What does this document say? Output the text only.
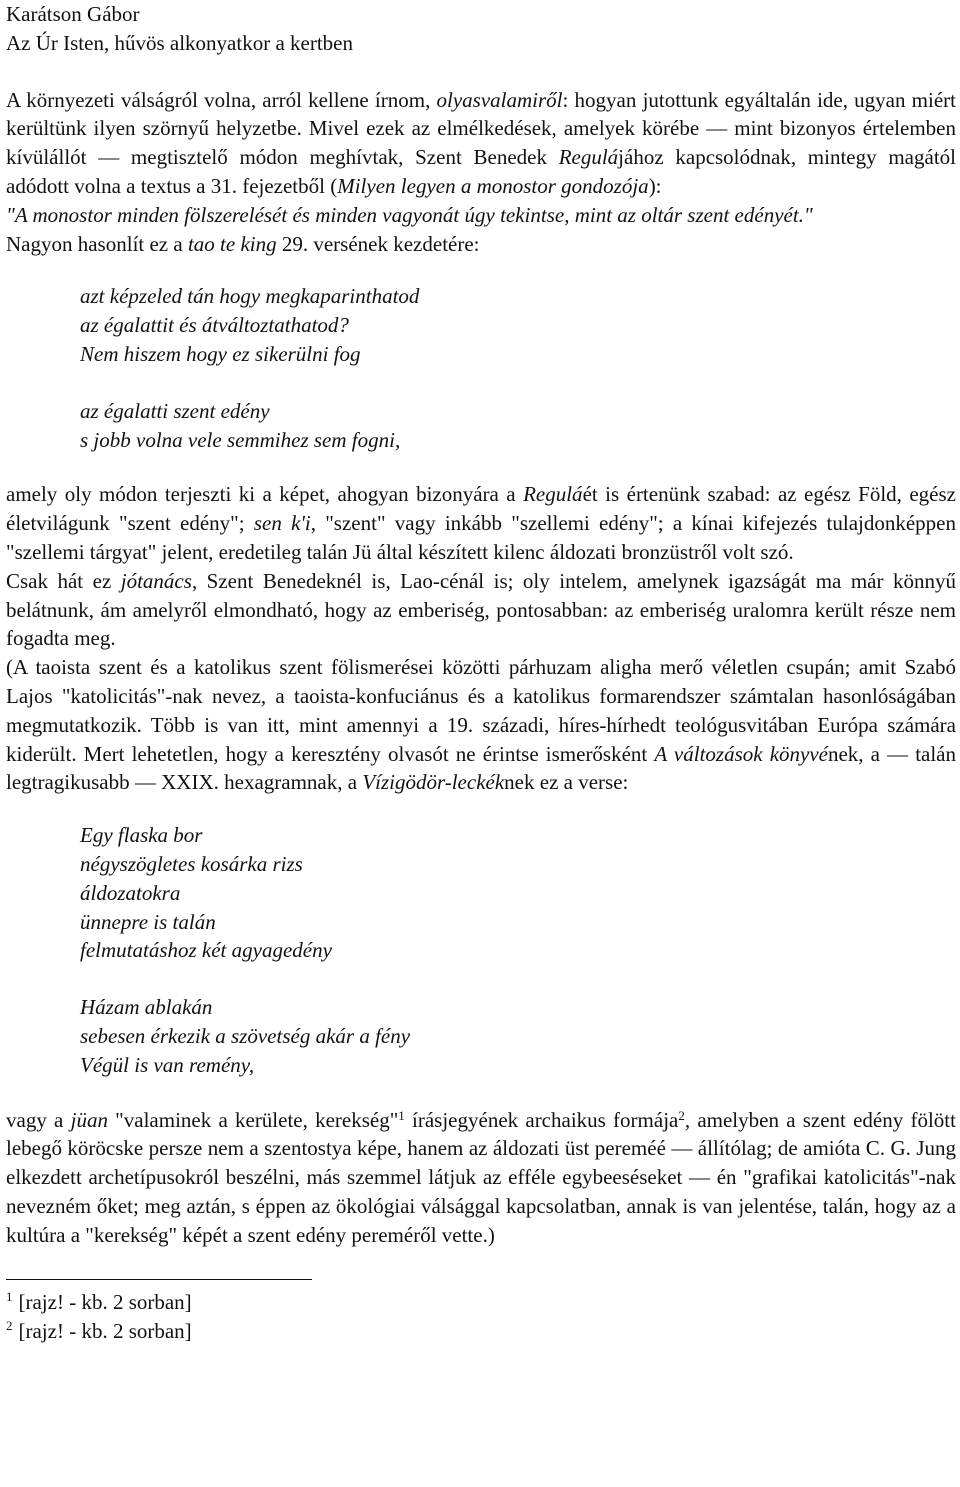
Karátson Gábor
Az Úr Isten, hűvös alkonyatkor a kertben

A környezeti válságról volna, arról kellene írnom, olyasvalamiről: hogyan jutottunk egyáltalán ide, ugyan miért kerültünk ilyen szörnyű helyzetbe. Mivel ezek az elmélkedések, amelyek körébe — mint bizonyos értelemben kívülállót — megtisztelő módon meghívtak, Szent Benedek Regulájához kapcsolódnak, mintegy magától adódott volna a textus a 31. fejezetből (Milyen legyen a monostor gondozója):

"A monostor minden fölszerelését és minden vagyonát úgy tekintse, mint az oltár szent edényét."

Nagyon hasonlít ez a tao te king 29. versének kezdetére:

azt képzeled tán hogy megkaparinthatod
az égalattit és átváltoztathatod?
Nem hiszem hogy ez sikerülni fog
az égalatti szent edény
s jobb volna vele semmihez sem fogni,

amely oly módon terjeszti ki a képet, ahogyan bizonyára a Reguláét is értenünk szabad: az egész Föld, egész életvilágunk "szent edény"; sen k'i, "szent" vagy inkább "szellemi edény"; a kínai kifejezés tulajdonképpen "szellemi tárgyat" jelent, eredetileg talán Jü által készített kilenc áldozati bronzüstről volt szó.

Csak hát ez jótanács, Szent Benedeknél is, Lao-cénál is; oly intelem, amelynek igazságát ma már könnyű belátnunk, ám amelyről elmondható, hogy az emberiség, pontosabban: az emberiség uralomra került része nem fogadta meg.

(A taoista szent és a katolikus szent fölismerései közötti párhuzam aligha merő véletlen csupán; amit Szabó Lajos "katolicitás"-nak nevez, a taoista-konfuciánus és a katolikus formarendszer számtalan hasonlóságában megmutatkozik. Több is van itt, mint amennyi a 19. századi, híres-hírhedt teológusvitában Európa számára kiderült. Mert lehetetlen, hogy a keresztény olvasót ne érintse ismerősként A változások könyvének, a — talán legtragikusabb — XXIX. hexagramnak, a Vízigödör-leckéknek ez a verse:

Egy flaska bor
négyszögletes kosárka rizs
áldozatokra
ünnepre is talán
felmutatáshoz két agyagedény
Házam ablakán
sebesen érkezik a szövetség akár a fény
Végül is van remény,

vagy a jüan "valaminek a kerülete, kerekség"$^1$ írásjegyének archaikus formája$^2$, amelyben a szent edény fölött lebegő köröcske persze nem a szentostya képe, hanem az áldozati üst pereméé — állítólag; de amióta C. G. Jung elkezdett archetípusokról beszélni, más szemmel látjuk az efféle egybeeséseket — én "grafikai katolicitás"-nak nevezném őket; meg aztán, s éppen az ökológiai válsággal kapcsolatban, annak is van jelentése, talán, hogy az a kultúra a "kerekség" képét a szent edény pereméről vette.)

$^1$ [rajz! - kb. 2 sorban]
$^2$ [rajz! - kb. 2 sorban]
